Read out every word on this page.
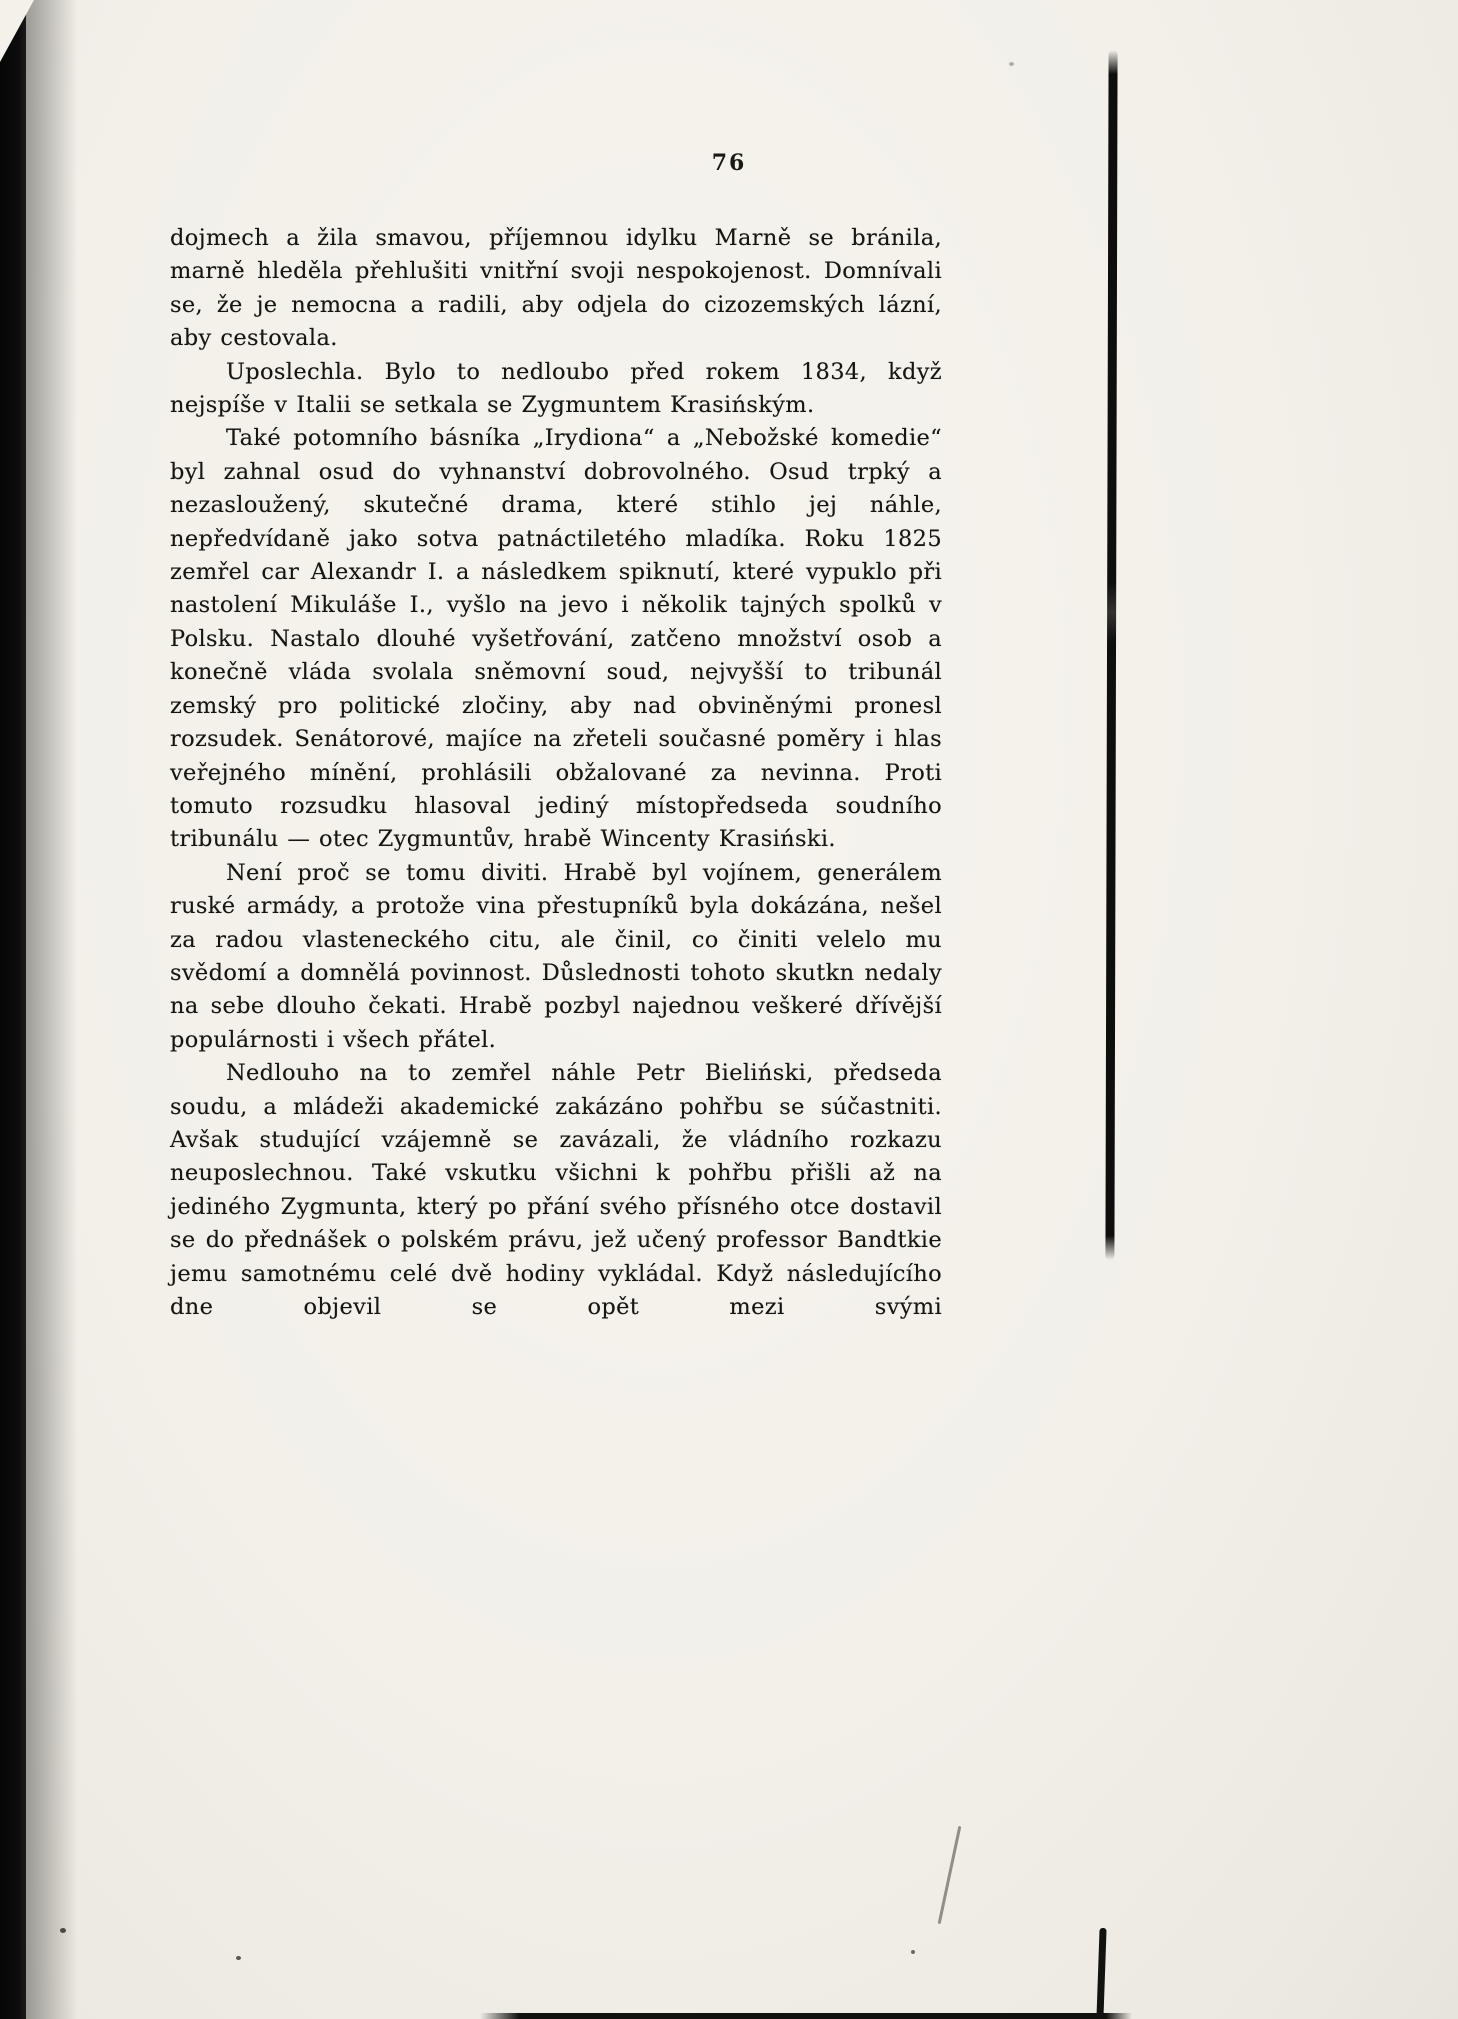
76

dojmech a žila smavou, příjemnou idylku Marně se bránila, marně hleděla přehlušiti vnitřní svoji nespokojenost. Domnívali se, že je nemocna a radili, aby odjela do cizozemských lázní, aby cestovala.

Uposlechla. Bylo to nedloubo před rokem 1834, když nejspíše v Italii se setkala se Zygmuntem Krasińským.

Také potomního básníka „Irydiona“ a „Nebožské komedie“ byl zahnal osud do vyhnanství dobrovolného. Osud trpký a nezasloužený, skutečné drama, které stihlo jej náhle, nepředvídaně jako sotva patnáctiletého mladíka. Roku 1825 zemřel car Alexandr I. a následkem spiknutí, které vypuklo při nastolení Mikuláše I., vyšlo na jevo i několik tajných spolků v Polsku. Nastalo dlouhé vyšetřování, zatčeno množství osob a konečně vláda svolala sněmovní soud, nejvyšší to tribunál zemský pro politické zločiny, aby nad obviněnými pronesl rozsudek. Senátorové, majíce na zřeteli současné poměry i hlas veřejného mínění, prohlásili obžalované za nevinna. Proti tomuto rozsudku hlasoval jediný místopředseda soudního tribunálu — otec Zygmuntův, hrabě Wincenty Krasiński.

Není proč se tomu diviti. Hrabě byl vojínem, generálem ruské armády, a protože vina přestupníků byla dokázána, nešel za radou vlasteneckého citu, ale činil, co činiti velelo mu svědomí a domnělá povinnost. Důslednosti tohoto skutkn nedaly na sebe dlouho čekati. Hrabě pozbyl najednou veškeré dřívější populárnosti i všech přátel.

Nedlouho na to zemřel náhle Petr Bieliński, předseda soudu, a mládeži akademické zakázáno pohřbu se súčastniti. Avšak studující vzájemně se zavázali, že vládního rozkazu neuposlechnou. Také vskutku všichni k pohřbu přišli až na jediného Zygmunta, který po přání svého přísného otce dostavil se do přednášek o polském právu, jež učený professor Bandtkie jemu samotnému celé dvě hodiny vykládal. Když následujícího dne objevil se opět mezi svými
